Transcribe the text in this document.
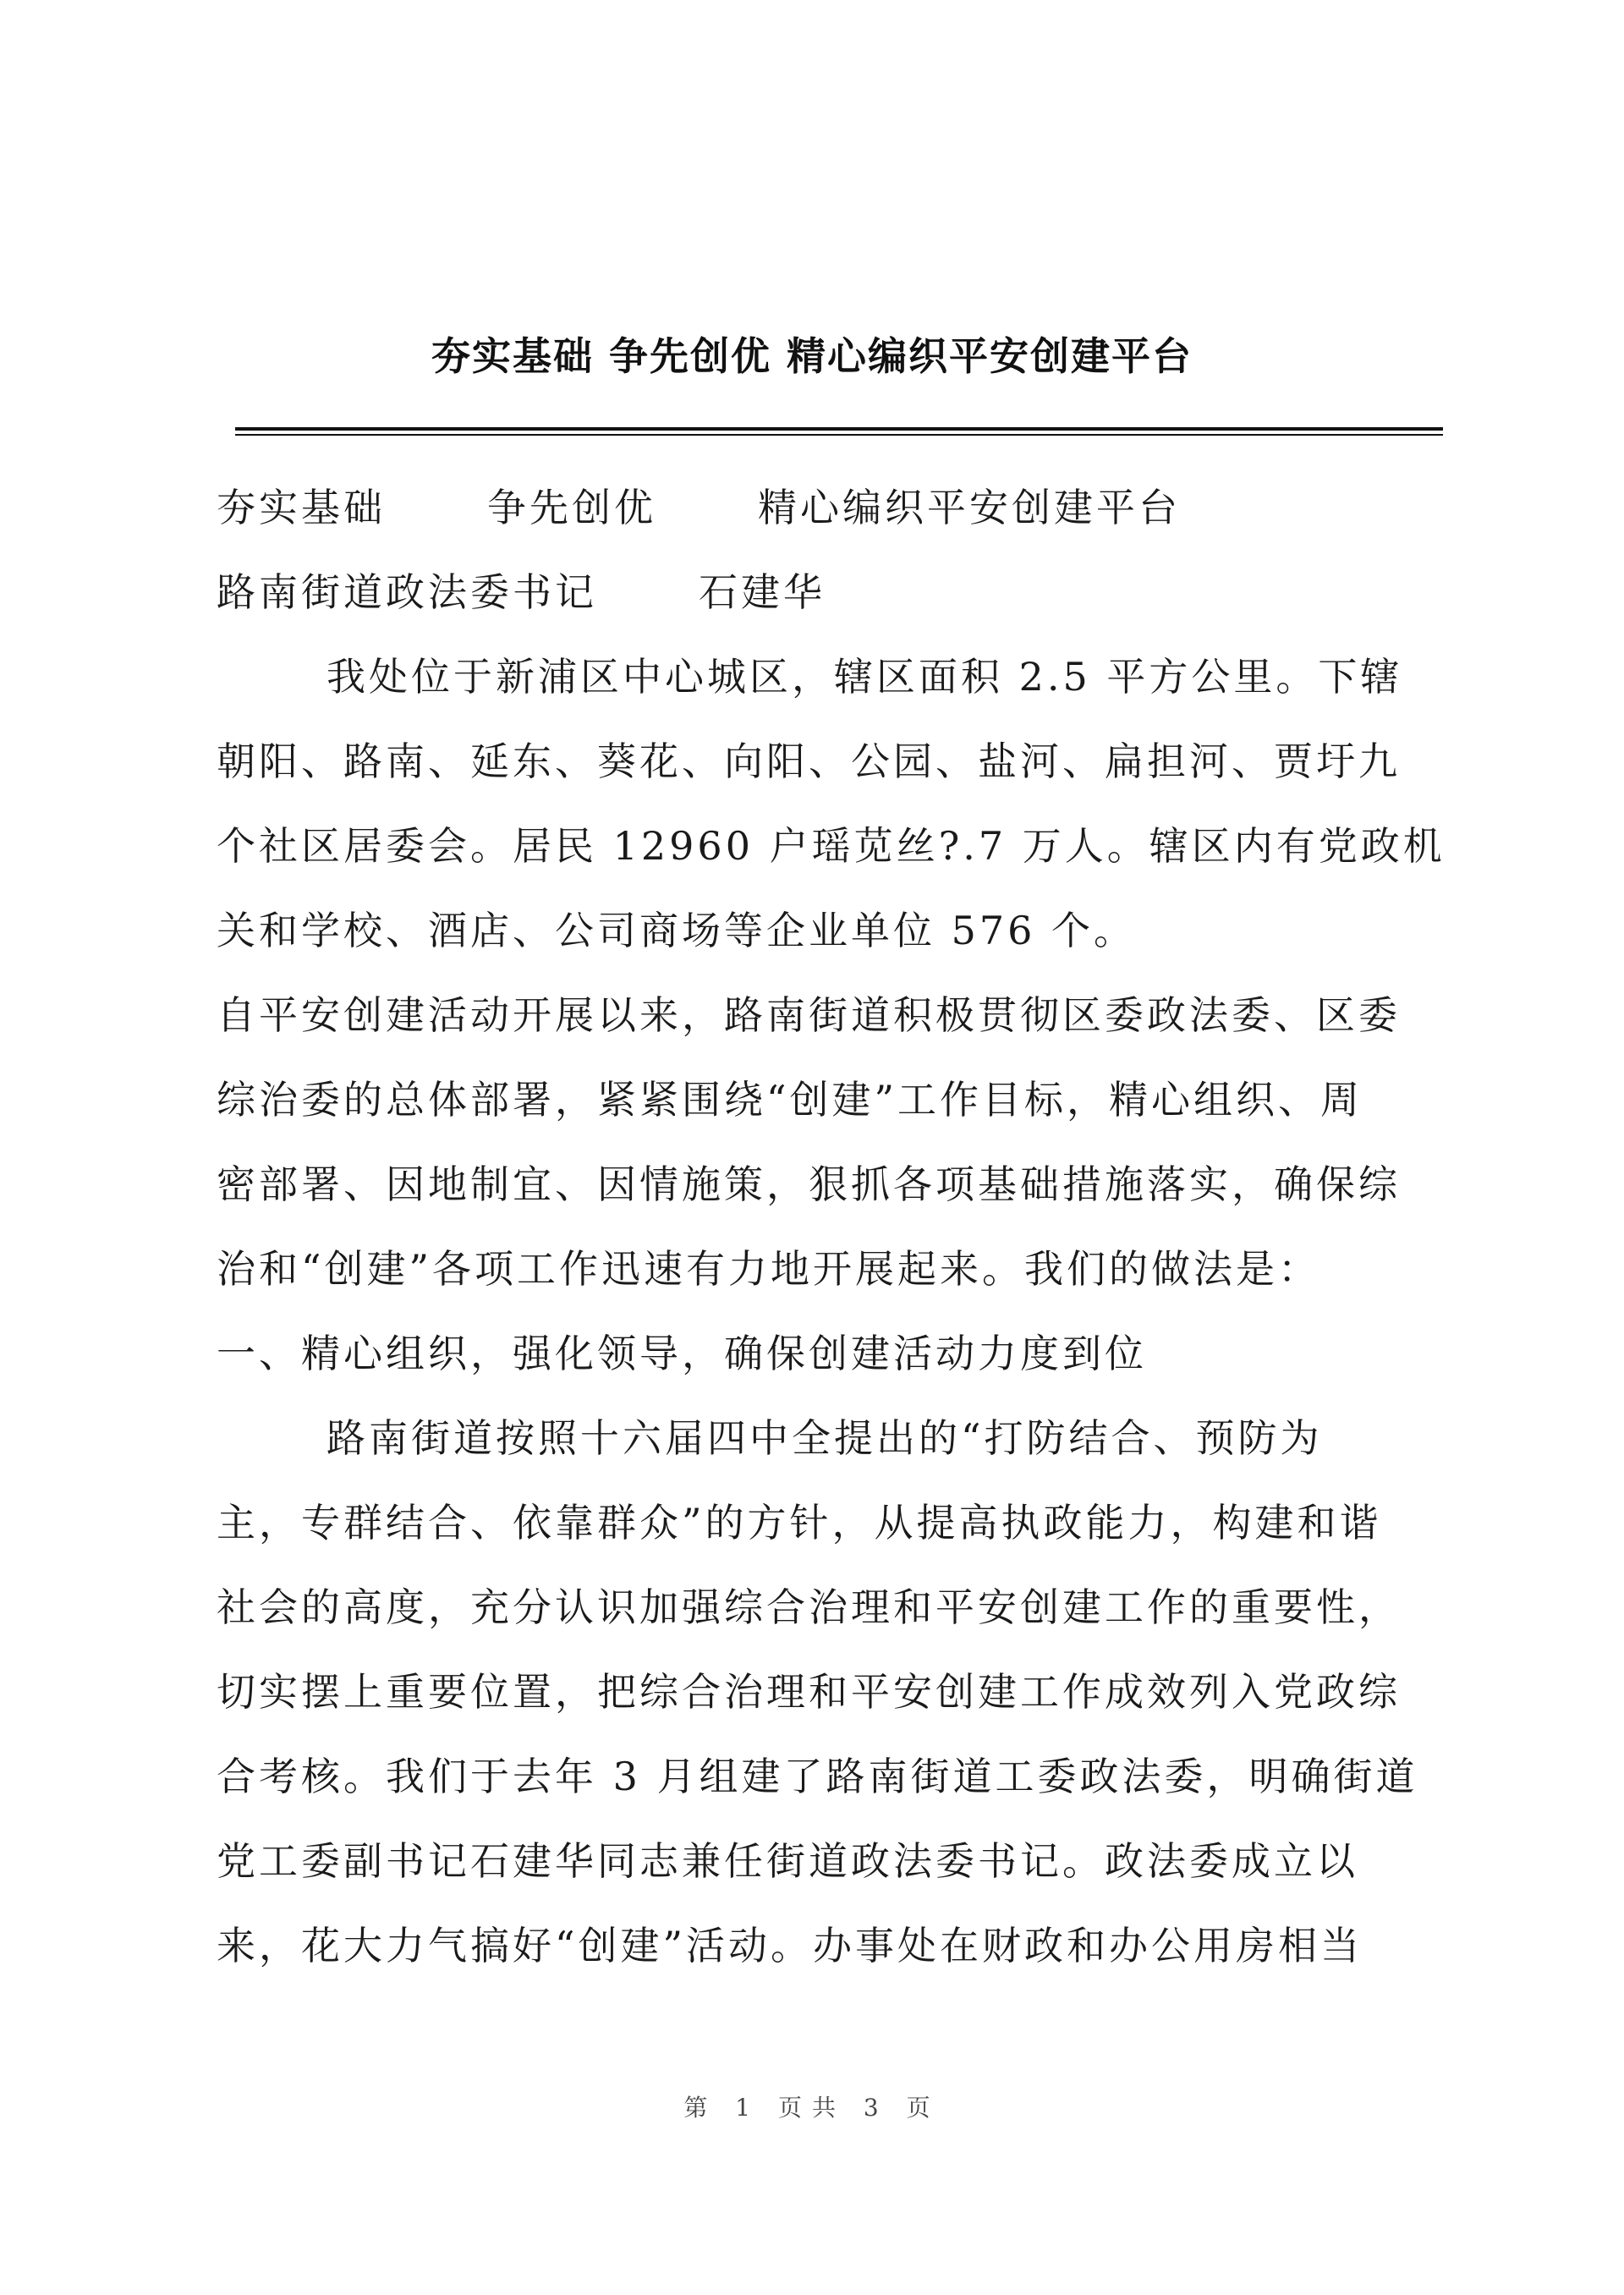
夯实基础 争先创优 精心编织平安创建平台
夯实基础	争先创优	精心编织平安创建平台
路南街道政法委书记	石建华
我处位于新浦区中心城区，辖区面积 2.5 平方公里。下辖
朝阳、路南、延东、葵花、向阳、公园、盐河、扁担河、贾圩九
个社区居委会。居民 12960 户瑶苋丝?.7 万人。辖区内有党政机
关和学校、酒店、公司商场等企业单位 576 个。
自平安创建活动开展以来，路南街道积极贯彻区委政法委、区委
综治委的总体部署，紧紧围绕“创建”工作目标，精心组织、周
密部署、因地制宜、因情施策，狠抓各项基础措施落实，确保综
治和“创建”各项工作迅速有力地开展起来。我们的做法是：
一、精心组织，强化领导，确保创建活动力度到位
路南街道按照十六届四中全提出的“打防结合、预防为
主，专群结合、依靠群众”的方针，从提高执政能力，构建和谐
社会的高度，充分认识加强综合治理和平安创建工作的重要性，
切实摆上重要位置，把综合治理和平安创建工作成效列入党政综
合考核。我们于去年 3 月组建了路南街道工委政法委，明确街道
党工委副书记石建华同志兼任街道政法委书记。政法委成立以
来，花大力气搞好“创建”活动。办事处在财政和办公用房相当
第 1 页共 3 页
